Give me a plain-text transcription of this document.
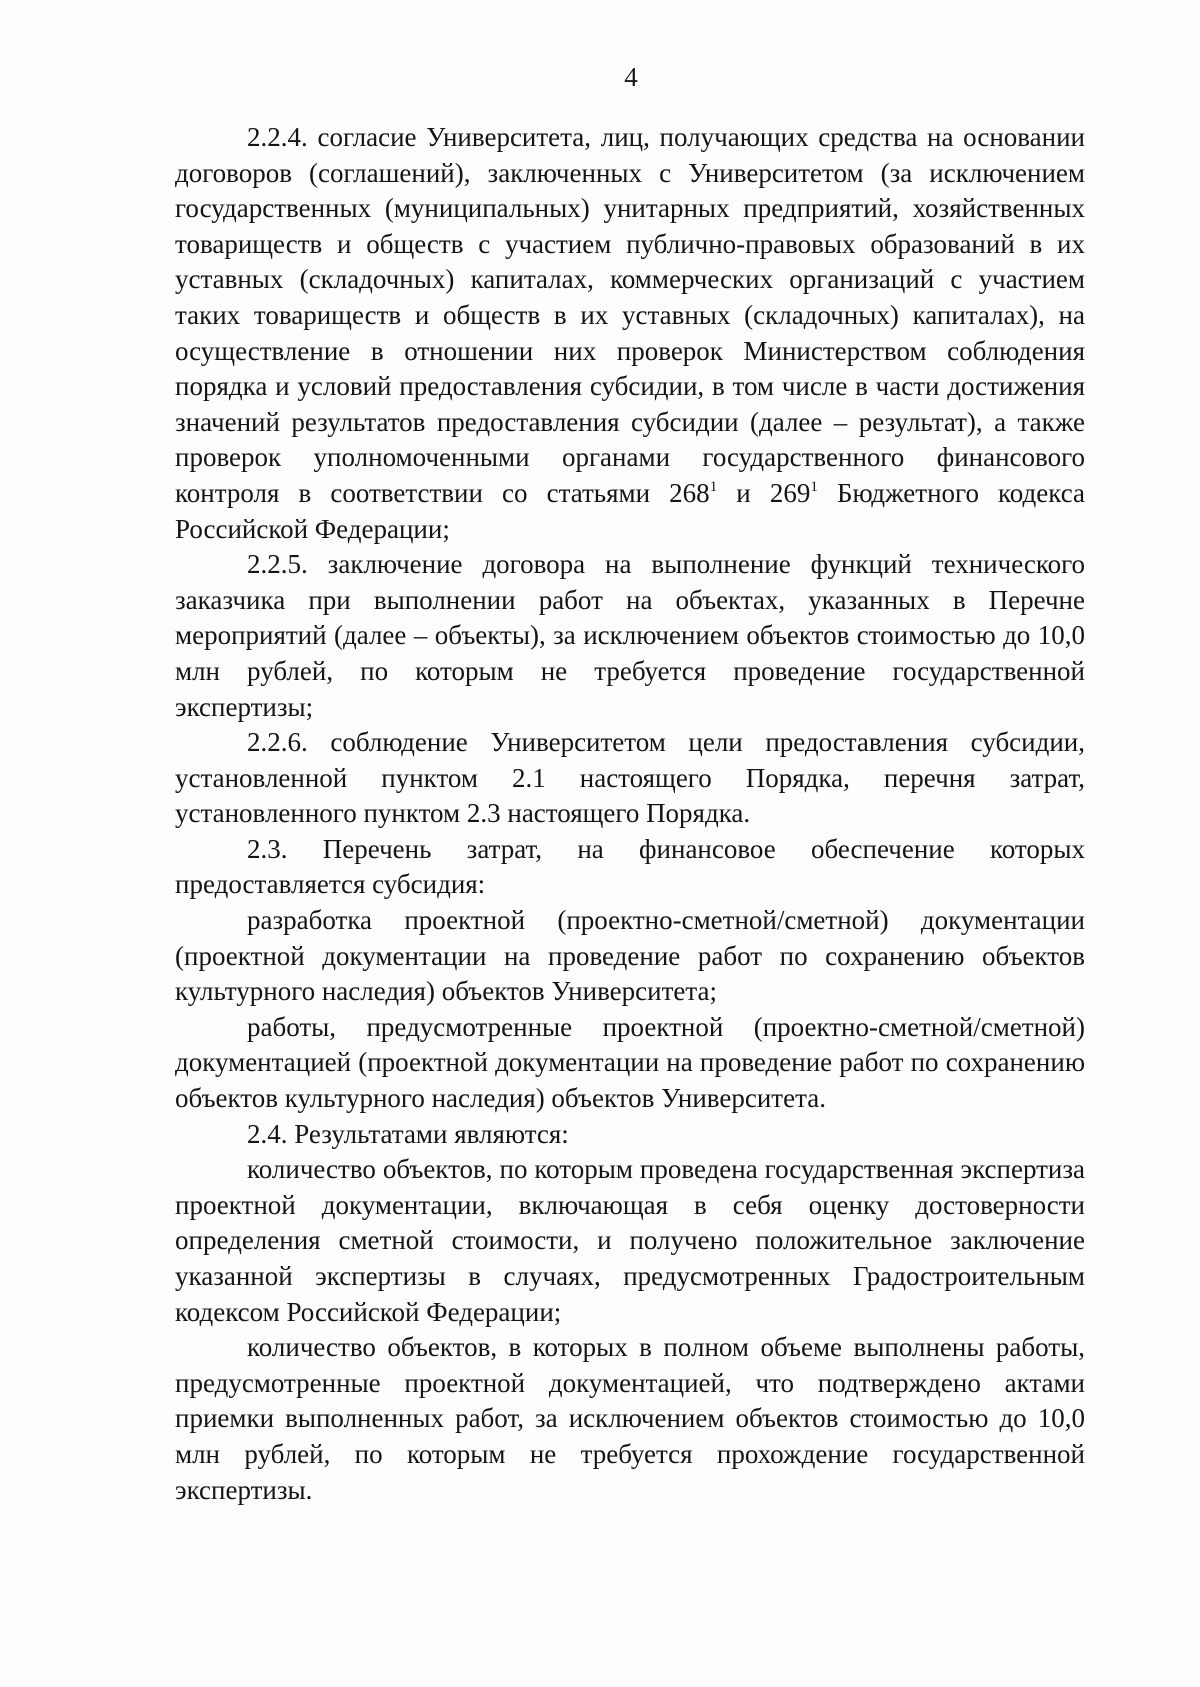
4

2.2.4. согласие Университета, лиц, получающих средства на основании договоров (соглашений), заключенных с Университетом (за исключением государственных (муниципальных) унитарных предприятий, хозяйственных товариществ и обществ с участием публично-правовых образований в их уставных (складочных) капиталах, коммерческих организаций с участием таких товариществ и обществ в их уставных (складочных) капиталах), на осуществление в отношении них проверок Министерством соблюдения порядка и условий предоставления субсидии, в том числе в части достижения значений результатов предоставления субсидии (далее – результат), а также проверок уполномоченными органами государственного финансового контроля в соответствии со статьями $268^1$ и $269^1$ Бюджетного кодекса Российской Федерации;

2.2.5. заключение договора на выполнение функций технического заказчика при выполнении работ на объектах, указанных в Перечне мероприятий (далее – объекты), за исключением объектов стоимостью до 10,0 млн рублей, по которым не требуется проведение государственной экспертизы;

2.2.6. соблюдение Университетом цели предоставления субсидии, установленной пунктом 2.1 настоящего Порядка, перечня затрат, установленного пунктом 2.3 настоящего Порядка.

2.3. Перечень затрат, на финансовое обеспечение которых предоставляется субсидия:

разработка проектной (проектно-сметной/сметной) документации (проектной документации на проведение работ по сохранению объектов культурного наследия) объектов Университета;

работы, предусмотренные проектной (проектно-сметной/сметной) документацией (проектной документации на проведение работ по сохранению объектов культурного наследия) объектов Университета.

2.4. Результатами являются:

количество объектов, по которым проведена государственная экспертиза проектной документации, включающая в себя оценку достоверности определения сметной стоимости, и получено положительное заключение указанной экспертизы в случаях, предусмотренных Градостроительным кодексом Российской Федерации;

количество объектов, в которых в полном объеме выполнены работы, предусмотренные проектной документацией, что подтверждено актами приемки выполненных работ, за исключением объектов стоимостью до 10,0 млн рублей, по которым не требуется прохождение государственной экспертизы.
